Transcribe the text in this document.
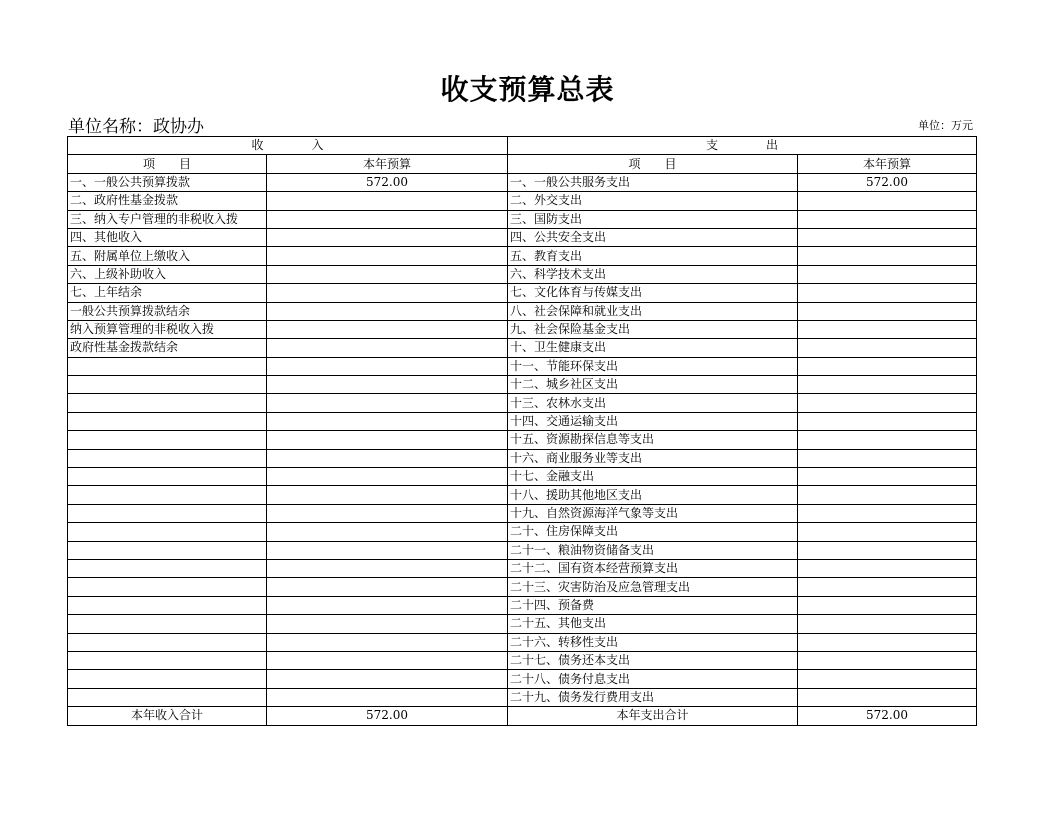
收支预算总表
单位名称：政协办	单位：万元
收　　　　入		支　　　　出	
项　　目	本年预算	项　　目	本年预算
一、一般公共预算拨款	572.00	一、一般公共服务支出	572.00
二、政府性基金拨款		二、外交支出	
三、纳入专户管理的非税收入拨		三、国防支出	
四、其他收入		四、公共安全支出	
五、附属单位上缴收入		五、教育支出	
六、上级补助收入		六、科学技术支出	
七、上年结余		七、文化体育与传媒支出	
一般公共预算拨款结余		八、社会保障和就业支出	
纳入预算管理的非税收入拨		九、社会保险基金支出	
政府性基金拨款结余		十、卫生健康支出	
		十一、节能环保支出	
		十二、城乡社区支出	
		十三、农林水支出	
		十四、交通运输支出	
		十五、资源勘探信息等支出	
		十六、商业服务业等支出	
		十七、金融支出	
		十八、援助其他地区支出	
		十九、自然资源海洋气象等支出	
		二十、住房保障支出	
		二十一、粮油物资储备支出	
		二十二、国有资本经营预算支出	
		二十三、灾害防治及应急管理支出	
		二十四、预备费	
		二十五、其他支出	
		二十六、转移性支出	
		二十七、债务还本支出	
		二十八、债务付息支出	
		二十九、债务发行费用支出	
本年收入合计	572.00	本年支出合计	572.00
